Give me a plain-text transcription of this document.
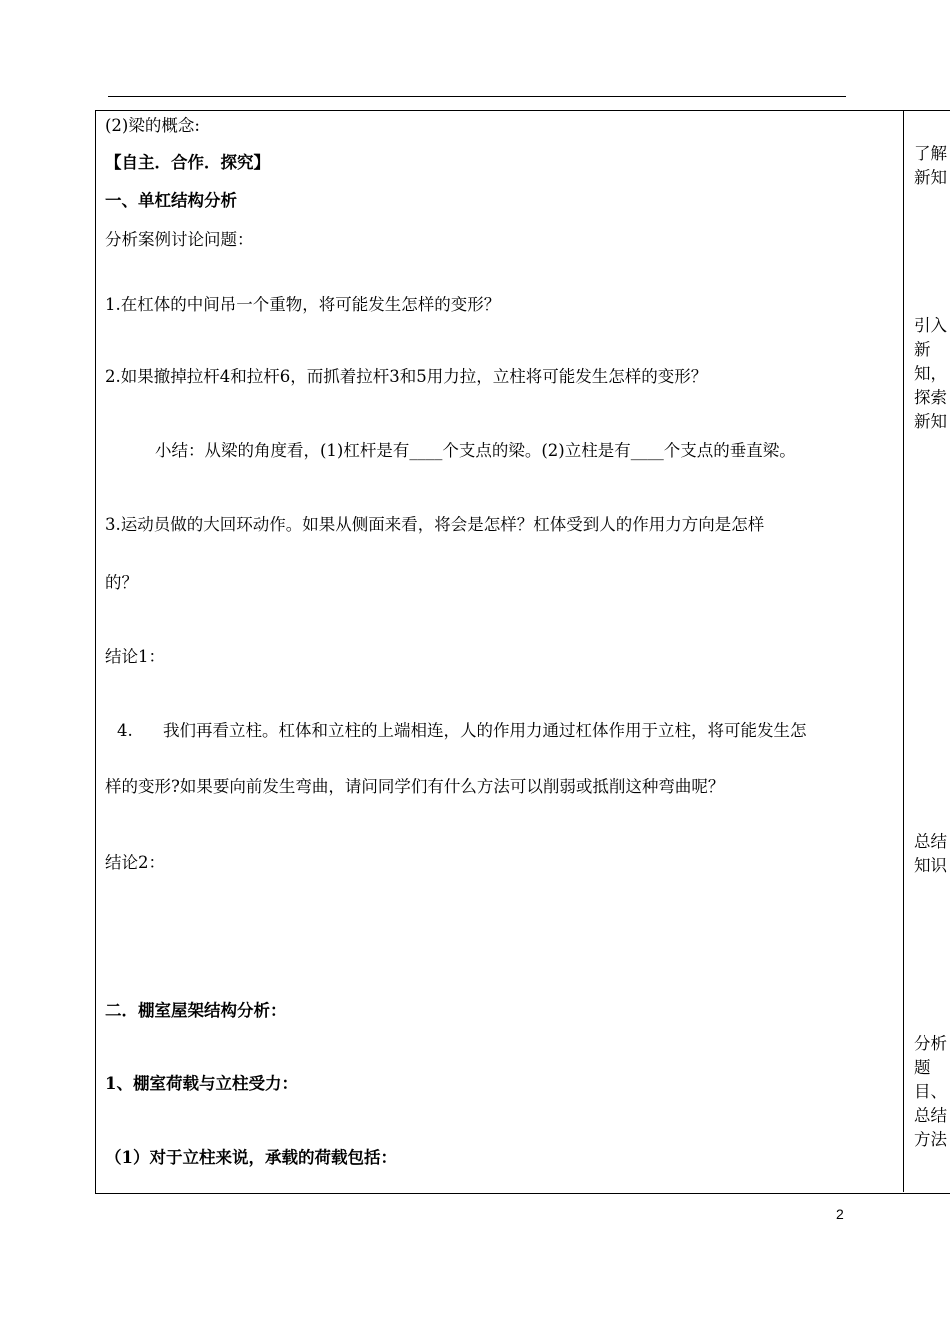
(2)梁的概念:
【自主．合作．探究】
一、单杠结构分析
分析案例讨论问题：
1.在杠体的中间吊一个重物，将可能发生怎样的变形？
2.如果撤掉拉杆4和拉杆6，而抓着拉杆3和5用力拉，立柱将可能发生怎样的变形？
小结：从梁的角度看，(1)杠杆是有____个支点的梁。(2)立柱是有____个支点的垂直梁。
3.运动员做的大回环动作。如果从侧面来看，将会是怎样？杠体受到人的作用力方向是怎样
的？
结论1：
4. 我们再看立柱。杠体和立柱的上端相连，人的作用力通过杠体作用于立柱，将可能发生怎
样的变形?如果要向前发生弯曲，请问同学们有什么方法可以削弱或抵削这种弯曲呢？
结论2：
二．棚室屋架结构分析：
1、棚室荷载与立柱受力：
（1）对于立柱来说，承载的荷载包括：
了解
新知
引入
新
知，
探索
新知
总结
知识
分析
题
目、
总结
方法
2
